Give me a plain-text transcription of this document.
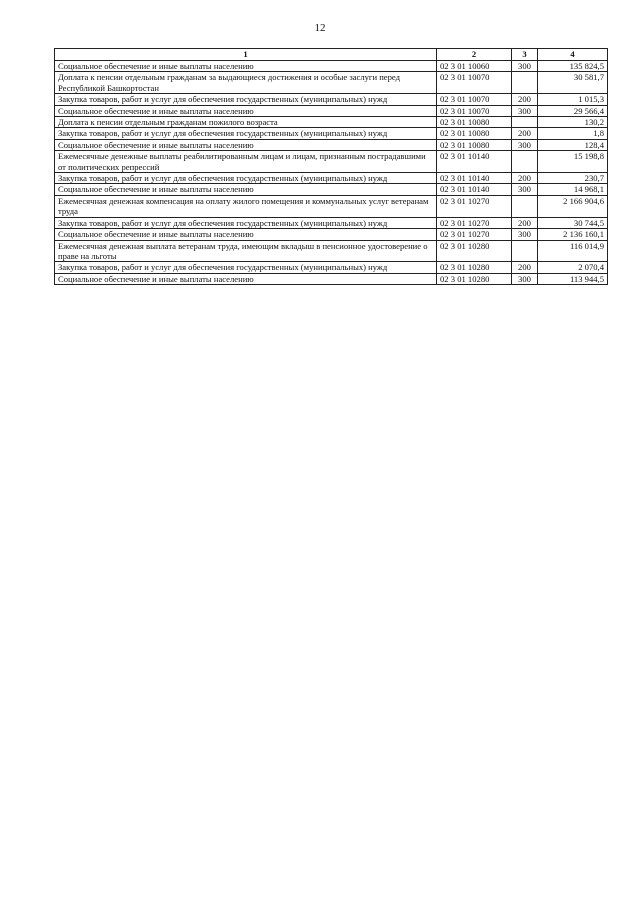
12
1	2	3	4
Социальное обеспечение и иные выплаты населению	02 3 01 10060	300	135 824,5
Доплата к пенсии отдельным гражданам за выдающиеся достижения и особые заслуги перед Республикой Башкортостан	02 3 01 10070		30 581,7
Закупка товаров, работ и услуг для обеспечения государственных (муниципальных) нужд	02 3 01 10070	200	1 015,3
Социальное обеспечение и иные выплаты населению	02 3 01 10070	300	29 566,4
Доплата к пенсии отдельным гражданам пожилого возраста	02 3 01 10080		130,2
Закупка товаров, работ и услуг для обеспечения государственных (муниципальных) нужд	02 3 01 10080	200	1,8
Социальное обеспечение и иные выплаты населению	02 3 01 10080	300	128,4
Ежемесячные денежные выплаты реабилитированным лицам и лицам, признанным пострадавшими от политических репрессий	02 3 01 10140		15 198,8
Закупка товаров, работ и услуг для обеспечения государственных (муниципальных) нужд	02 3 01 10140	200	230,7
Социальное обеспечение и иные выплаты населению	02 3 01 10140	300	14 968,1
Ежемесячная денежная компенсация на оплату жилого помещения и коммунальных услуг ветеранам труда	02 3 01 10270		2 166 904,6
Закупка товаров, работ и услуг для обеспечения государственных (муниципальных) нужд	02 3 01 10270	200	30 744,5
Социальное обеспечение и иные выплаты населению	02 3 01 10270	300	2 136 160,1
Ежемесячная денежная выплата ветеранам труда, имеющим вкладыш в пенсионное удостоверение о праве на льготы	02 3 01 10280		116 014,9
Закупка товаров, работ и услуг для обеспечения государственных (муниципальных) нужд	02 3 01 10280	200	2 070,4
Социальное обеспечение и иные выплаты населению	02 3 01 10280	300	113 944,5
